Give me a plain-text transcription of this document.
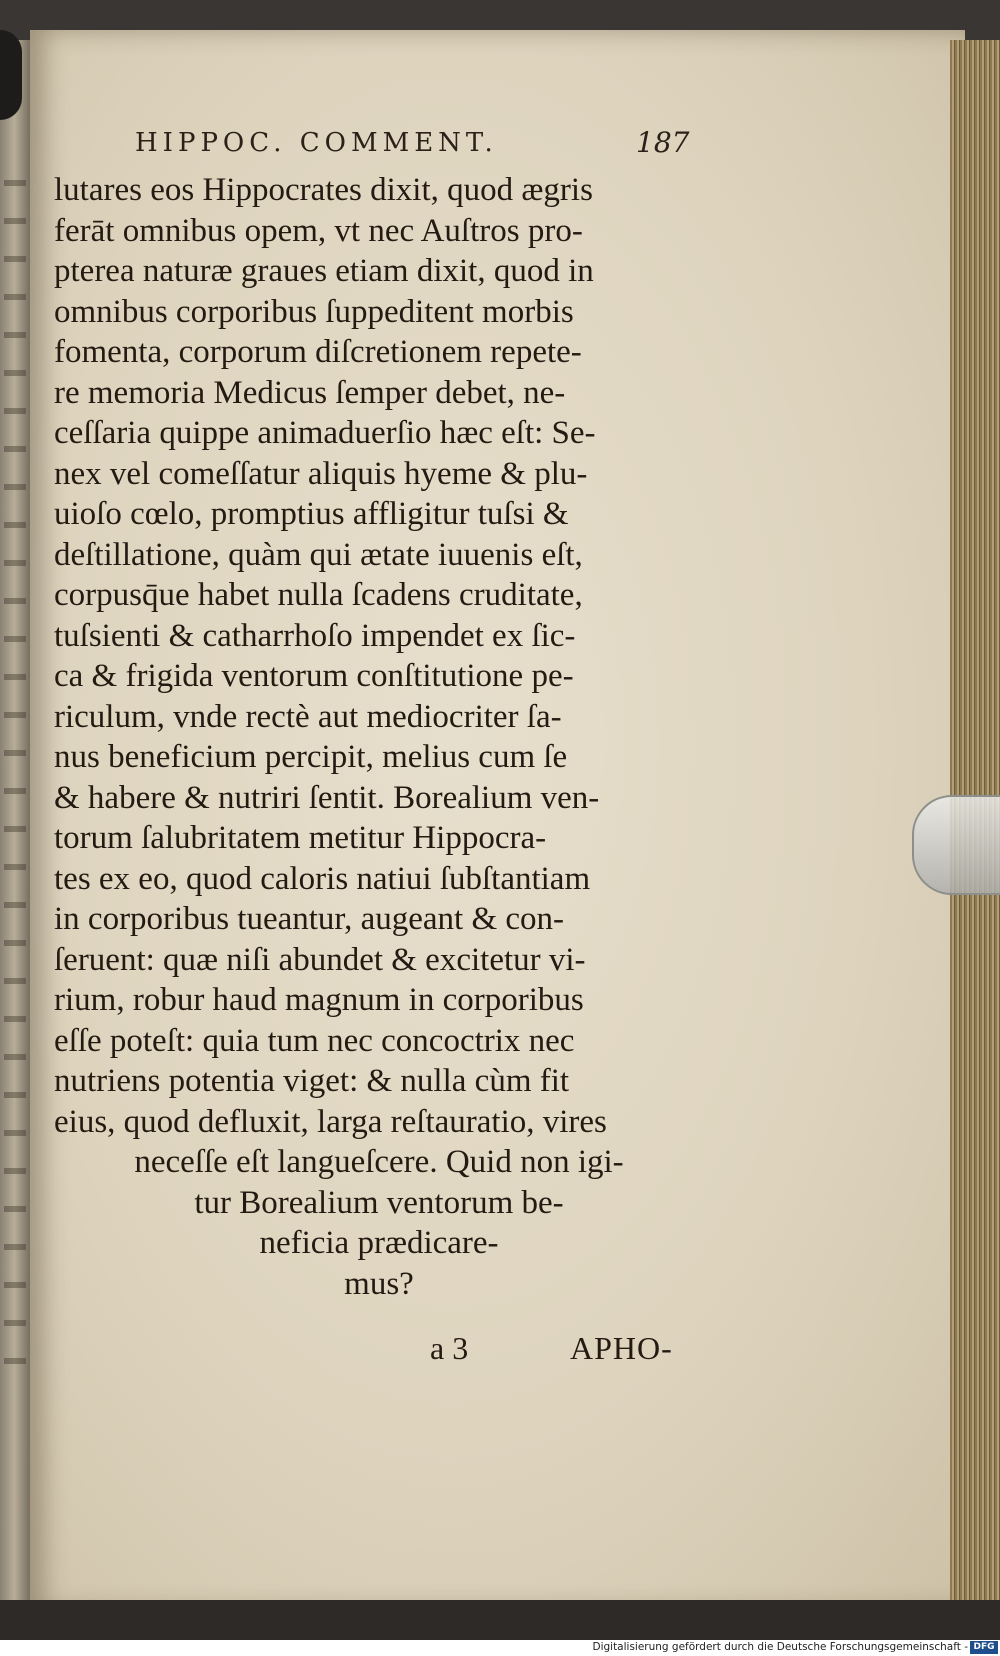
HIPPOC. COMMENT.	187
lutares eos Hippocrates dixit, quod ægris
ferāt omnibus opem, vt nec Auſtros pro-
pterea naturæ graues etiam dixit, quod in
omnibus corporibus ſuppeditent morbis
fomenta, corporum diſcretionem repete-
re memoria Medicus ſemper debet, ne-
ceſſaria quippe animaduerſio hæc eſt: Se-
nex vel comeſſatur aliquis hyeme & plu-
uioſo cœlo, promptius affligitur tuſsi &
deſtillatione, quàm qui ætate iuuenis eſt,
corpusq̄ue habet nulla ſcadens cruditate,
tuſsienti & catharrhoſo impendet ex ſic-
ca & frigida ventorum conſtitutione pe-
riculum, vnde rectè aut mediocriter ſa-
nus beneficium percipit, melius cum ſe
& habere & nutriri ſentit. Borealium ven-
torum ſalubritatem metitur Hippocra-
tes ex eo, quod caloris natiui ſubſtantiam
in corporibus tueantur, augeant & con-
ſeruent: quæ niſi abundet & excitetur vi-
rium, robur haud magnum in corporibus
eſſe poteſt: quia tum nec concoctrix nec
nutriens potentia viget: & nulla cùm fit
eius, quod defluxit, larga reſtauratio, vires
neceſſe eſt langueſcere. Quid non igi-
tur Borealium ventorum be-
neficia prædicare-
mus?
a 3	APHO-
Digitalisierung gefördert durch die Deutsche Forschungsgemeinschaft - DFG
